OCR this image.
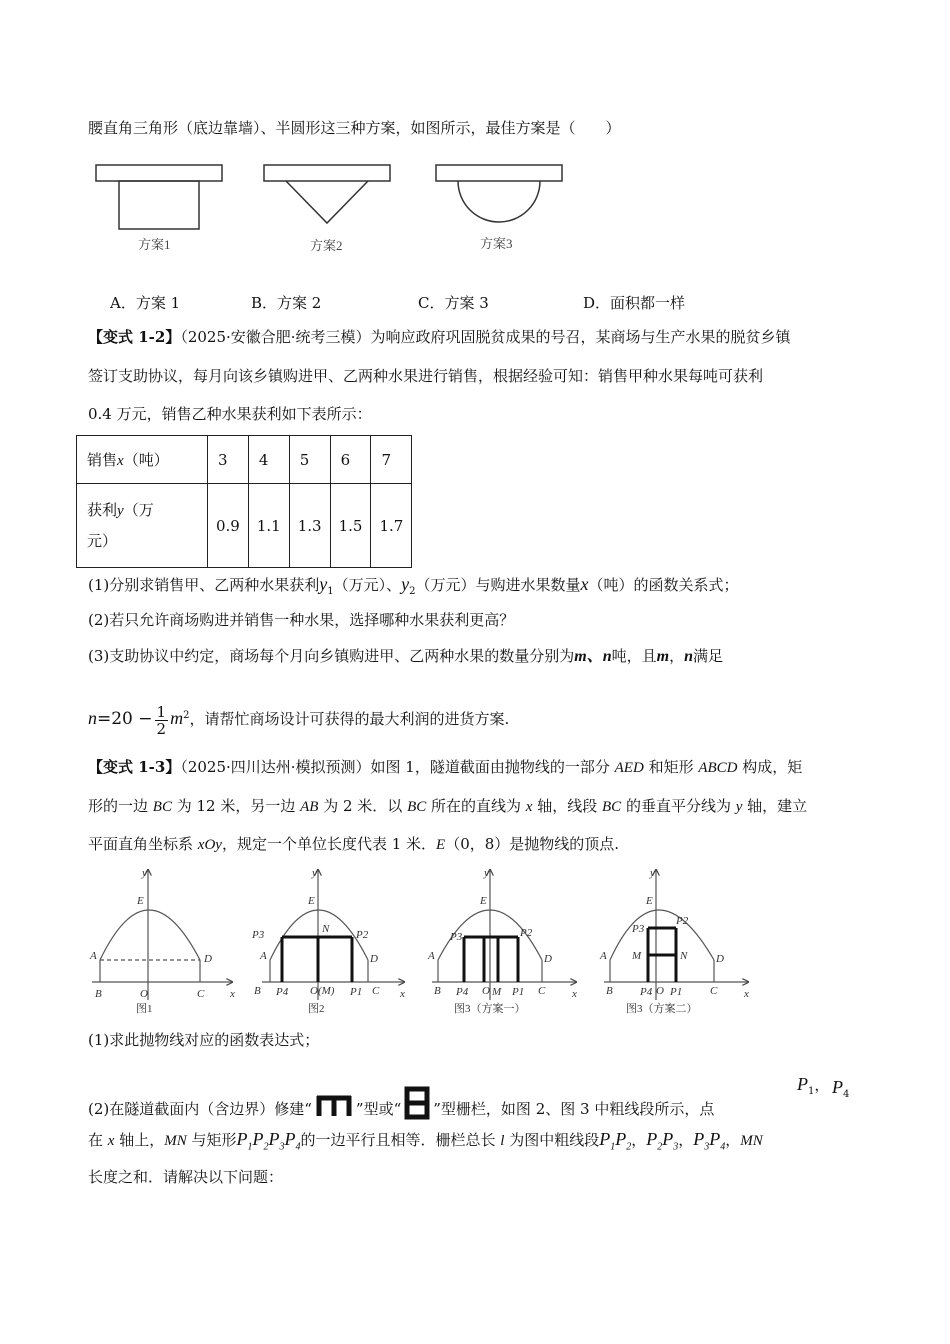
腰直角三角形（底边靠墙）、半圆形这三种方案，如图所示，最佳方案是（　　）
方案1	方案2	方案3
A．方案 1	B．方案 2	C．方案 3	D．面积都一样
【变式 1-2】（2025·安徽合肥·统考三模）为响应政府巩固脱贫成果的号召，某商场与生产水果的脱贫乡镇
签订支助协议，每月向该乡镇购进甲、乙两种水果进行销售，根据经验可知：销售甲种水果每吨可获利
0.4 万元，销售乙种水果获利如下表所示：
销售x（吨）	3	4	5	6	7
获利y（万
元）	0.9	1.1	1.3	1.5	1.7
(1)分别求销售甲、乙两种水果获利$y_1$（万元）、$y_2$（万元）与购进水果数量x（吨）的函数关系式；
(2)若只允许商场购进并销售一种水果，选择哪种水果获利更高？
(3)支助协议中约定，商场每个月向乡镇购进甲、乙两种水果的数量分别为m、n吨，且m，n满足
$n=20 - \frac{1}{2} m^2$，请帮忙商场设计可获得的最大利润的进货方案.
【变式 1-3】（2025·四川达州·模拟预测）如图 1，隧道截面由抛物线的一部分 AED 和矩形 ABCD 构成，矩
形的一边 BC 为 12 米，另一边 AB 为 2 米．以 BC 所在的直线为 x 轴，线段 BC 的垂直平分线为 y 轴，建立
平面直角坐标系 xOy，规定一个单位长度代表 1 米．E（0，8）是抛物线的顶点.
y
E
A	D
B	O	C x
图1
y
E
N
A	D
P3	P2
B P4 O(M) P1 C x
图2
y
E
P3	P2
A	D
B P4 O M P1 C x
图3（方案一）
y
E
P3
P2
M	N
A	D
B P4 O P1	C x
图3（方案二）
(1)求此抛物线对应的函数表达式；
(2)在隧道截面内（含边界）修建“	”型或“ ”型栅栏，如图 2、图 3 中粗线段所示，点
$P_1$， $P_4$
在 x 轴上，MN 与矩形$P_1P_2P_3P_4$的一边平行且相等．栅栏总长 l 为图中粗线段$P_1P_2$，$P_2P_3$，$P_3P_4$，MN
长度之和．请解决以下问题：
